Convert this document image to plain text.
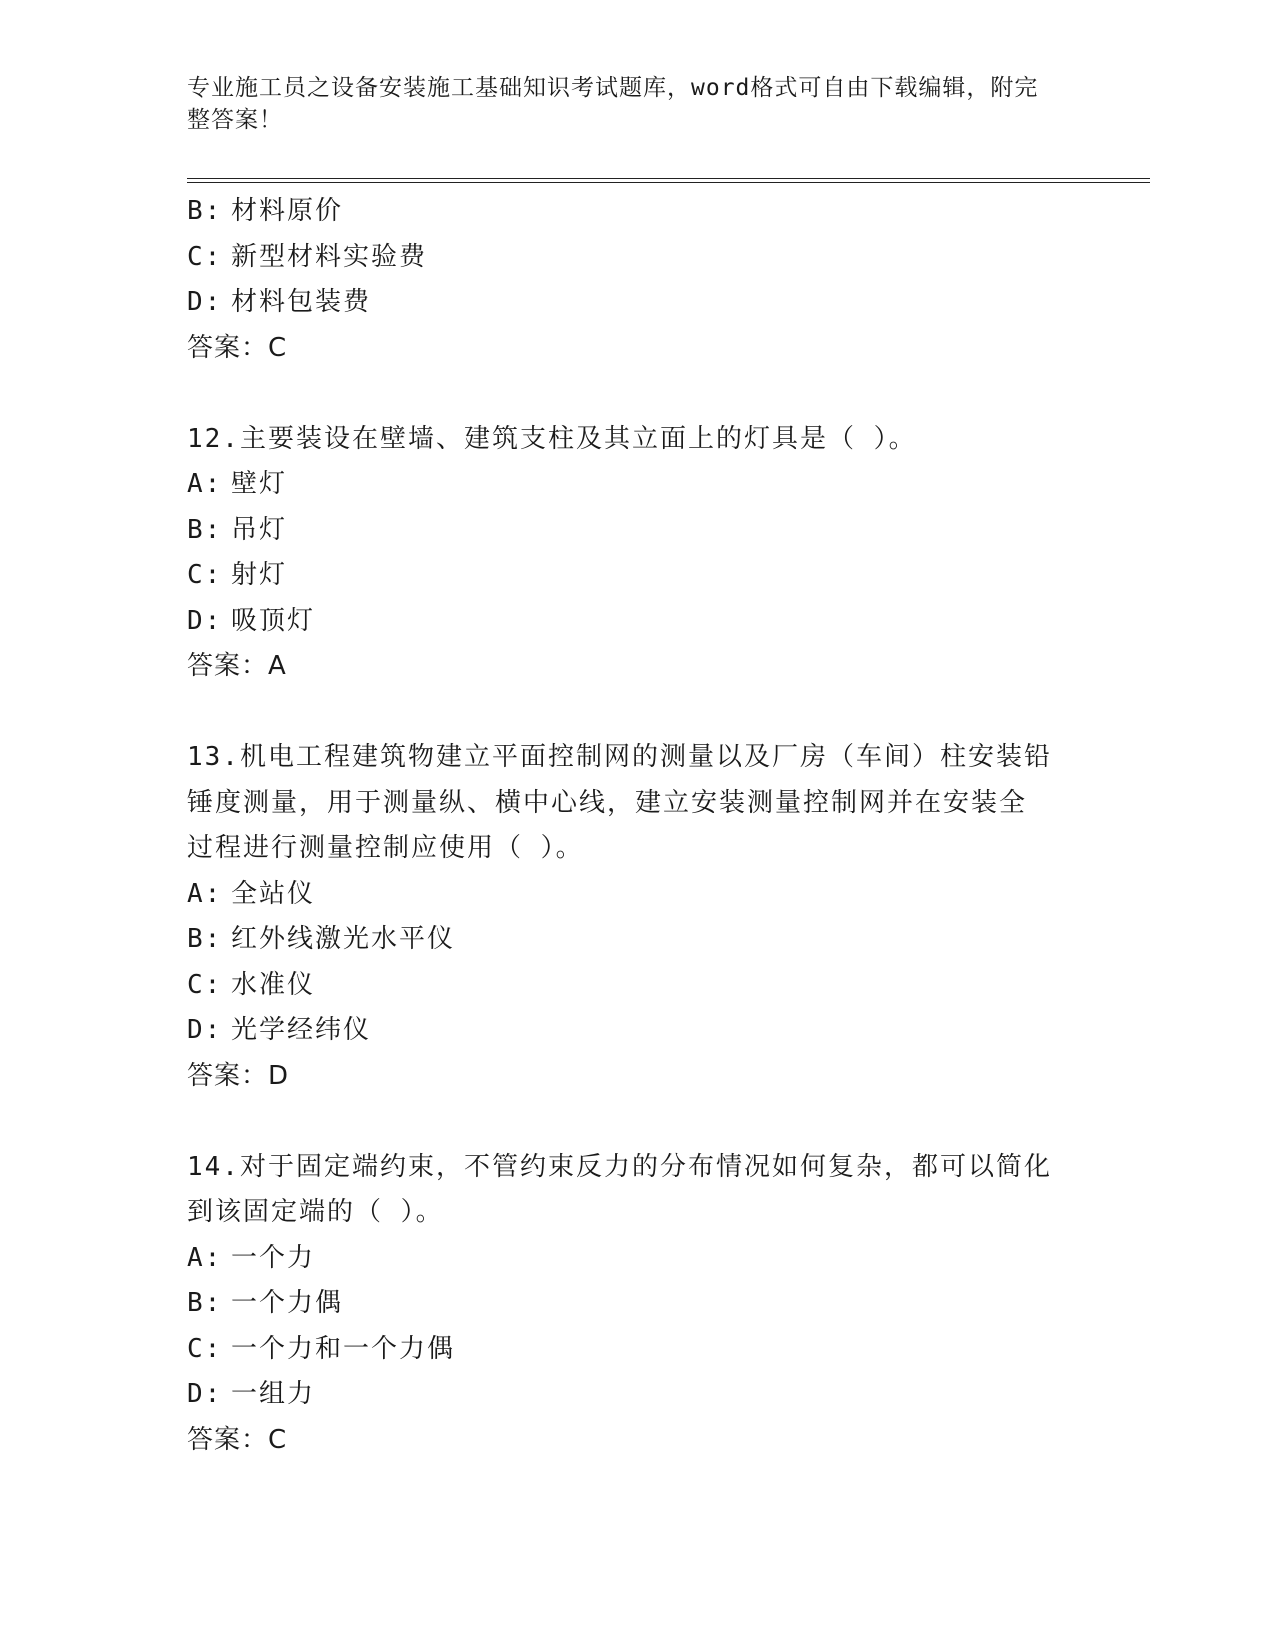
专业施工员之设备安装施工基础知识考试题库，word格式可自由下载编辑，附完
整答案！
B: 材料原价
C: 新型材料实验费
D: 材料包装费
答案：C
12.主要装设在壁墙、建筑支柱及其立面上的灯具是（ ）。
A: 壁灯
B: 吊灯
C: 射灯
D: 吸顶灯
答案：A
13.机电工程建筑物建立平面控制网的测量以及厂房（车间）柱安装铅
锤度测量，用于测量纵、横中心线，建立安装测量控制网并在安装全
过程进行测量控制应使用（ ）。
A: 全站仪
B: 红外线激光水平仪
C: 水准仪
D: 光学经纬仪
答案：D
14.对于固定端约束，不管约束反力的分布情况如何复杂，都可以简化
到该固定端的（ ）。
A: 一个力
B: 一个力偶
C: 一个力和一个力偶
D: 一组力
答案：C
